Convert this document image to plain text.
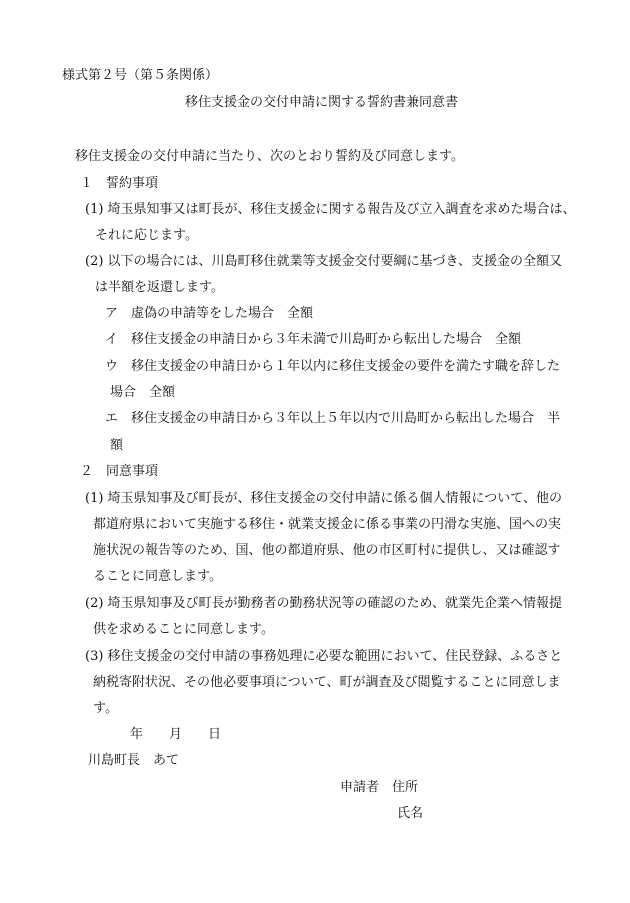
様式第２号（第５条関係）
移住支援金の交付申請に関する誓約書兼同意書
移住支援金の交付申請に当たり、次のとおり誓約及び同意します。
１　誓約事項
(1) 埼玉県知事又は町長が、移住支援金に関する報告及び立入調査を求めた場合は、
それに応じます。
(2) 以下の場合には、川島町移住就業等支援金交付要綱に基づき、支援金の全額又
は半額を返還します。
ア　虚偽の申請等をした場合　全額
イ　移住支援金の申請日から３年未満で川島町から転出した場合　全額
ウ　移住支援金の申請日から１年以内に移住支援金の要件を満たす職を辞した
場合　全額
エ　移住支援金の申請日から３年以上５年以内で川島町から転出した場合　半
額
２　同意事項
(1) 埼玉県知事及び町長が、移住支援金の交付申請に係る個人情報について、他の
都道府県において実施する移住・就業支援金に係る事業の円滑な実施、国への実
施状況の報告等のため、国、他の都道府県、他の市区町村に提供し、又は確認す
ることに同意します。
(2) 埼玉県知事及び町長が勤務者の勤務状況等の確認のため、就業先企業へ情報提
供を求めることに同意します。
(3) 移住支援金の交付申請の事務処理に必要な範囲において、住民登録、ふるさと
納税寄附状況、その他必要事項について、町が調査及び閲覧することに同意しま
す。
年　　月　　日
川島町長　あて
申請者　住所
氏名
